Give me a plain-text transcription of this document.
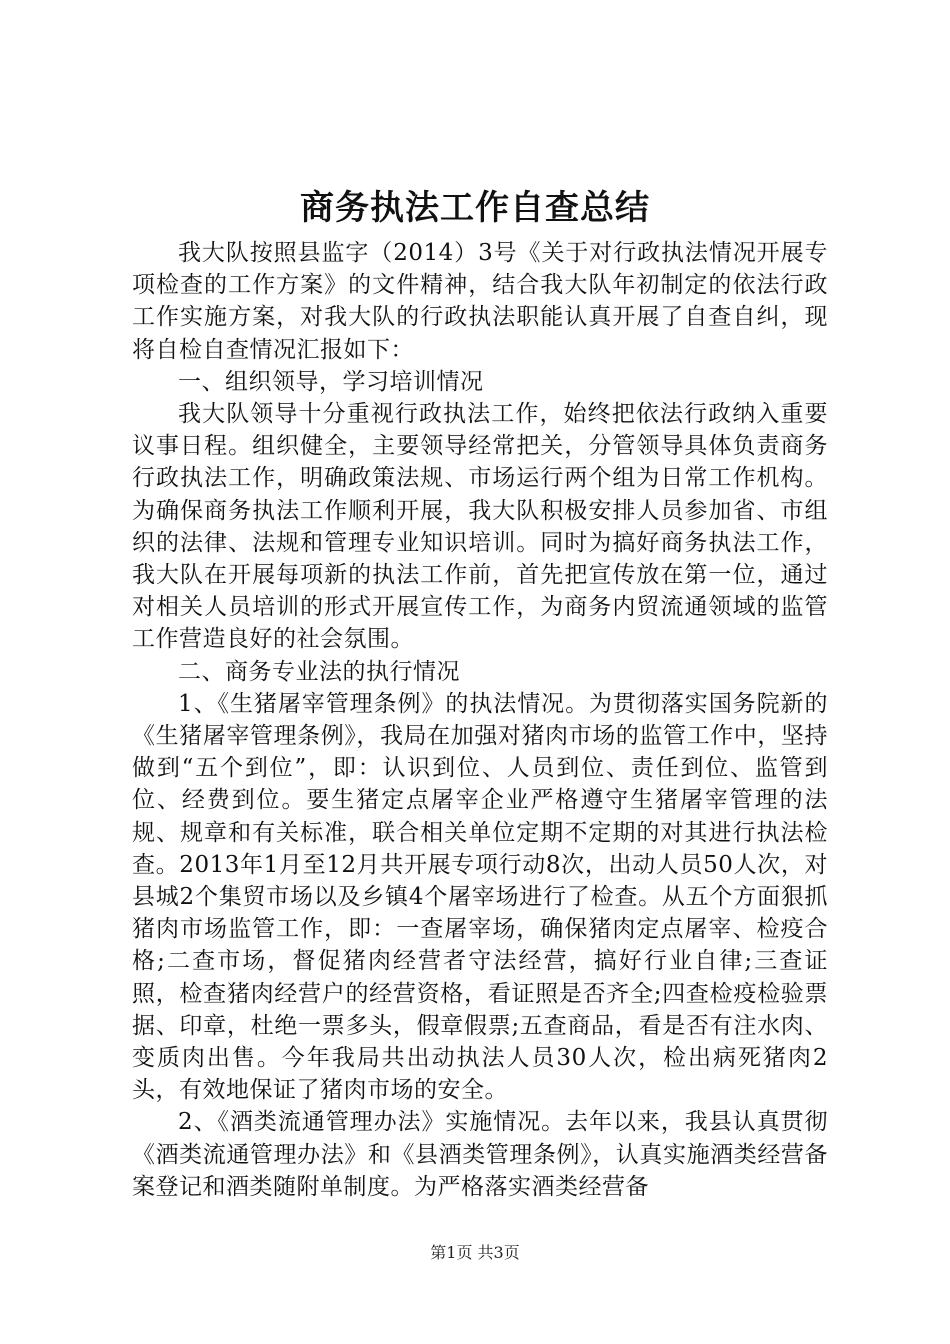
商务执法工作自查总结

我大队按照县监字（2014）3号《关于对行政执法情况开展专项检查的工作方案》的文件精神，结合我大队年初制定的依法行政工作实施方案，对我大队的行政执法职能认真开展了自查自纠，现将自检自查情况汇报如下：

一、组织领导，学习培训情况

我大队领导十分重视行政执法工作，始终把依法行政纳入重要议事日程。组织健全，主要领导经常把关，分管领导具体负责商务行政执法工作，明确政策法规、市场运行两个组为日常工作机构。为确保商务执法工作顺利开展，我大队积极安排人员参加省、市组织的法律、法规和管理专业知识培训。同时为搞好商务执法工作，我大队在开展每项新的执法工作前，首先把宣传放在第一位，通过对相关人员培训的形式开展宣传工作，为商务内贸流通领域的监管工作营造良好的社会氛围。

二、商务专业法的执行情况

1、《生猪屠宰管理条例》的执法情况。为贯彻落实国务院新的《生猪屠宰管理条例》，我局在加强对猪肉市场的监管工作中，坚持做到“五个到位”，即：认识到位、人员到位、责任到位、监管到位、经费到位。要生猪定点屠宰企业严格遵守生猪屠宰管理的法规、规章和有关标准，联合相关单位定期不定期的对其进行执法检查。2013年1月至12月共开展专项行动8次，出动人员50人次，对县城2个集贸市场以及乡镇4个屠宰场进行了检查。从五个方面狠抓猪肉市场监管工作，即：一查屠宰场，确保猪肉定点屠宰、检疫合格;二查市场，督促猪肉经营者守法经营，搞好行业自律;三查证照，检查猪肉经营户的经营资格，看证照是否齐全;四查检疫检验票据、印章，杜绝一票多头，假章假票;五查商品，看是否有注水肉、变质肉出售。今年我局共出动执法人员30人次，检出病死猪肉2头，有效地保证了猪肉市场的安全。

2、《酒类流通管理办法》实施情况。去年以来，我县认真贯彻《酒类流通管理办法》和《县酒类管理条例》，认真实施酒类经营备案登记和酒类随附单制度。为严格落实酒类经营备

第1页 共3页
